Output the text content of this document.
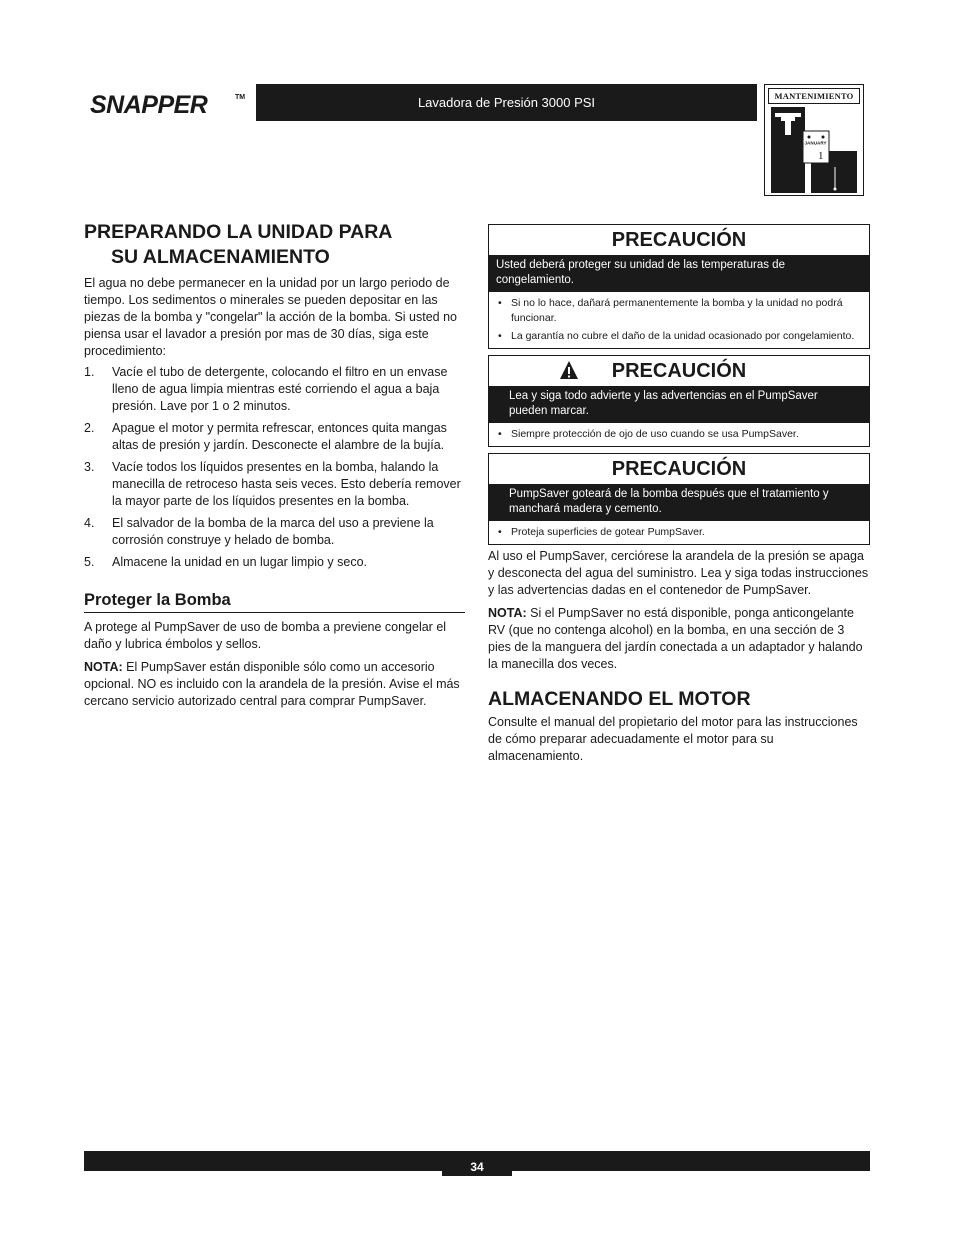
SNAPPER	TM	Lavadora de Presión 3000 PSI	MANTENIMIENTO
JANUARY
1
PREPARANDO LA UNIDAD PARA
SU ALMACENAMIENTO

El agua no debe permanecer en la unidad por un largo periodo de tiempo. Los sedimentos o minerales se pueden depositar en las piezas de la bomba y "congelar" la acción de la bomba. Si usted no piensa usar el lavador a presión por mas de 30 días, siga este procedimiento:

1. Vacíe el tubo de detergente, colocando el filtro en un envase lleno de agua limpia mientras esté corriendo el agua a baja presión. Lave por 1 o 2 minutos.
2. Apague el motor y permita refrescar, entonces quita mangas altas de presión y jardín. Desconecte el alambre de la bujía.
3. Vacíe todos los líquidos presentes en la bomba, halando la manecilla de retroceso hasta seis veces. Esto debería remover la mayor parte de los líquidos presentes en la bomba.
4. El salvador de la bomba de la marca del uso a previene la corrosión construye y helado de bomba.
5. Almacene la unidad en un lugar limpio y seco.
Proteger la Bomba

A protege al PumpSaver de uso de bomba a previene congelar el daño y lubrica émbolos y sellos.

NOTA: El PumpSaver están disponible sólo como un accesorio opcional. NO es incluido con la arandela de la presión. Avise el más cercano servicio autorizado central para comprar PumpSaver.

PRECAUCIÓN
Usted deberá proteger su unidad de las temperaturas de congelamiento.
• Si no lo hace, dañará permanentemente la bomba y la unidad no podrá funcionar.
• La garantía no cubre el daño de la unidad ocasionado por congelamiento.
PRECAUCIÓN
Lea y siga todo advierte y las advertencias en el PumpSaver pueden marcar.
• Siempre protección de ojo de uso cuando se usa PumpSaver.
PRECAUCIÓN
PumpSaver goteará de la bomba después que el tratamiento y manchará madera y cemento.
• Proteja superficies de gotear PumpSaver.

Al uso el PumpSaver, cerciórese la arandela de la presión se apaga y desconecta del agua del suministro. Lea y siga todas instrucciones y las advertencias dadas en el contenedor de PumpSaver.

NOTA: Si el PumpSaver no está disponible, ponga anticongelante RV (que no contenga alcohol) en la bomba, en una sección de 3 pies de la manguera del jardín conectada a un adaptador y halando la manecilla dos veces.

ALMACENANDO EL MOTOR

Consulte el manual del propietario del motor para las instrucciones de cómo preparar adecuadamente el motor para su almacenamiento.

34
